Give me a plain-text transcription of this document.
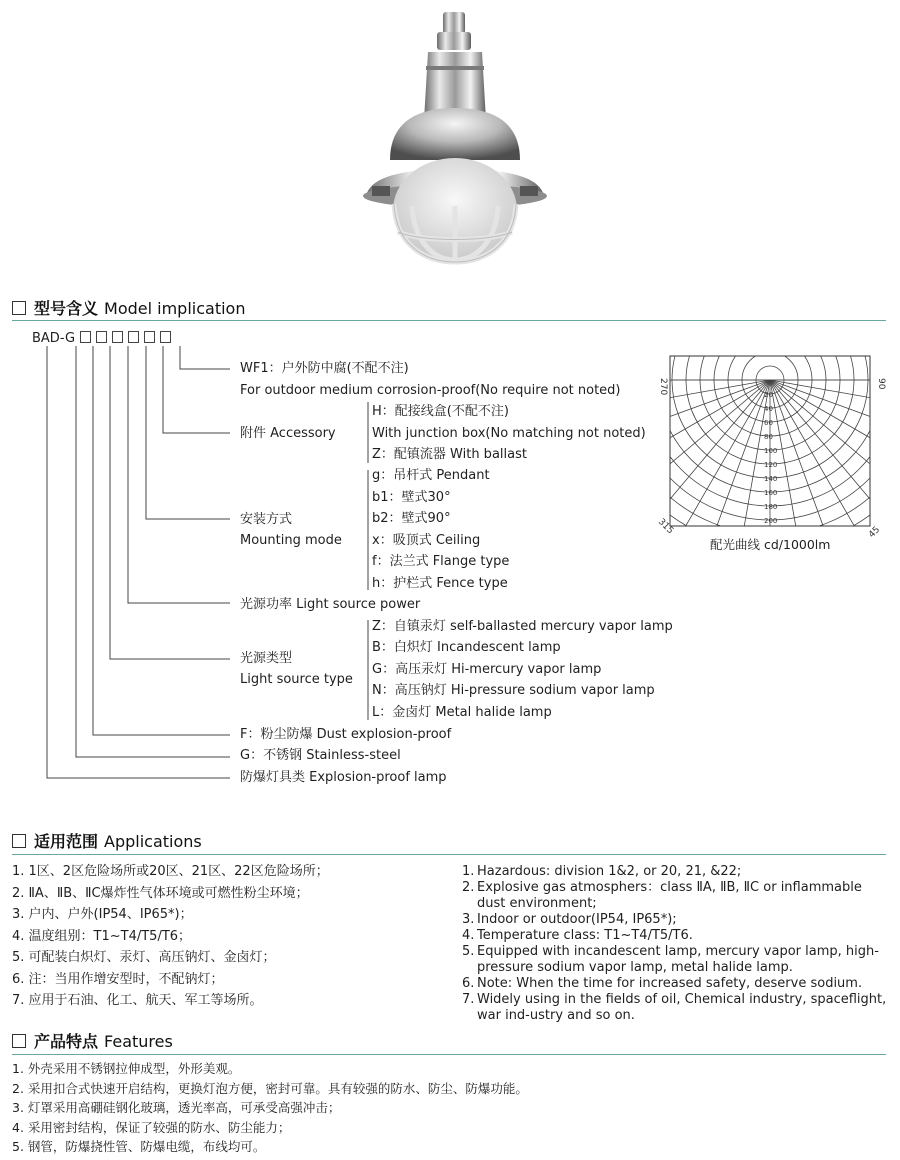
型号含义 Model implication
BAD-G
WF1：户外防中腐(不配不注)
For outdoor medium corrosion-proof(No require not noted)
H：配接线盒(不配不注)
附件 Accessory	With junction box(No matching not noted)
Z：配镇流器 With ballast
g：吊杆式 Pendant
b1：壁式30°
安装方式	b2：壁式90°
Mounting mode x：吸顶式 Ceiling
f：法兰式 Flange type
h：护栏式 Fence type
光源功率 Light source power
Z：自镇汞灯 self-ballasted mercury vapor lamp
B：白炽灯 Incandescent lamp
光源类型
G：高压汞灯 Hi-mercury vapor lamp
Light source type
N：高压钠灯 Hi-pressure sodium vapor lamp
L：金卤灯 Metal halide lamp
F：粉尘防爆 Dust explosion-proof
G：不锈钢 Stainless-steel
防爆灯具类 Explosion-proof lamp
20
40
60
80
100
120
140
160
180
200
270	90
315	45
配光曲线 cd/1000lm
适用范围 Applications
1. 1区、2区危险场所或20区、21区、22区危险场所；
2. ⅡA、ⅡB、ⅡC爆炸性气体环境或可燃性粉尘环境；
3. 户内、户外(IP54、IP65*)；
4. 温度组别：T1~T4/T5/T6；
5. 可配装白炽灯、汞灯、高压钠灯、金卤灯；
6. 注：当用作增安型时，不配钠灯；
7. 应用于石油、化工、航天、军工等场所。
1. Hazardous: division 1&2, or 20, 21, &22;
2. Explosive gas atmosphers：class ⅡA, ⅡB, ⅡC or inflammable dust environment;
3. Indoor or outdoor(IP54, IP65*);
4. Temperature class: T1~T4/T5/T6.
5. Equipped with incandescent lamp, mercury vapor lamp, high-pressure sodium vapor lamp, metal halide lamp.
6. Note: When the time for increased safety, deserve sodium.
7. Widely using in the fields of oil, Chemical industry, spaceflight, war ind-ustry and so on.
产品特点 Features
1. 外壳采用不锈钢拉伸成型，外形美观。
2. 采用扣合式快速开启结构，更换灯泡方便，密封可靠。具有较强的防水、防尘、防爆功能。
3. 灯罩采用高硼硅钢化玻璃，透光率高，可承受高强冲击；
4. 采用密封结构，保证了较强的防水、防尘能力；
5. 钢管，防爆挠性管、防爆电缆，布线均可。
